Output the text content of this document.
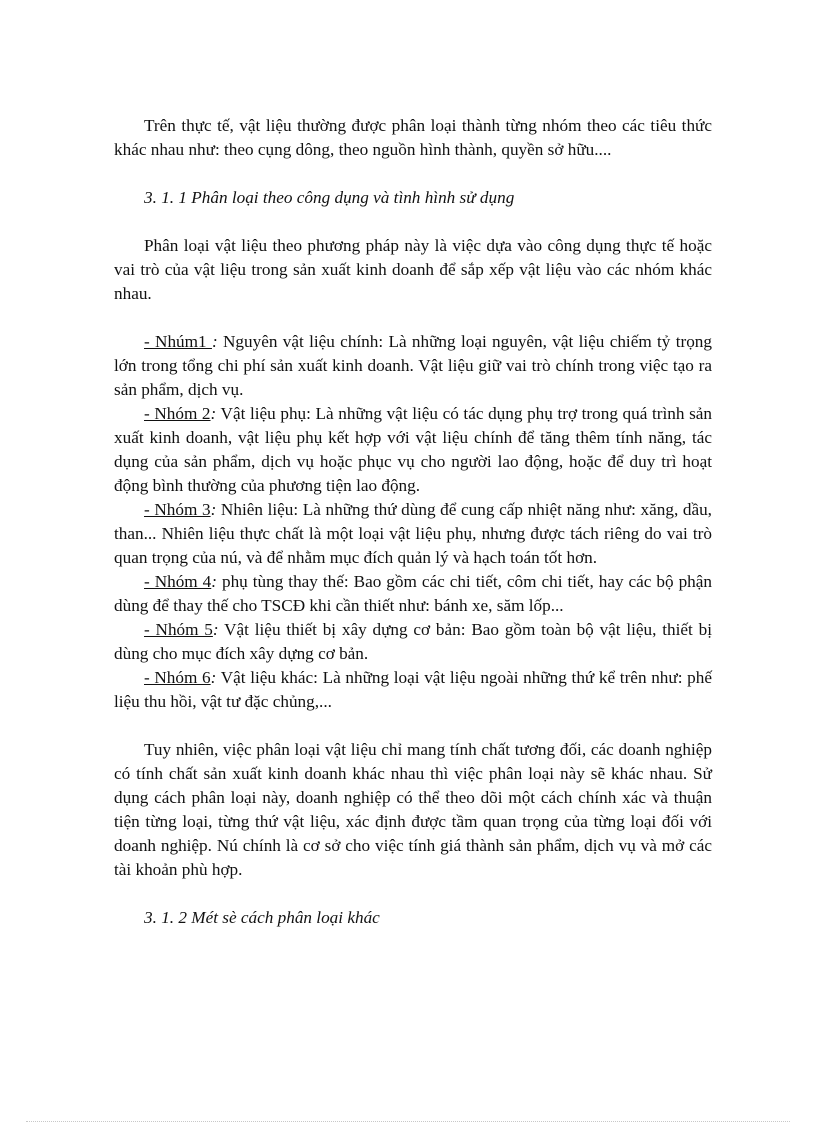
Trên thực tế, vật liệu thường được phân loại thành từng nhóm theo các tiêu thức khác nhau như: theo cụng dông, theo nguồn hình thành, quyền sở hữu....

3. 1. 1 Phân loại theo công dụng và tình hình sử dụng

Phân loại vật liệu theo phương pháp này là việc dựa vào công dụng thực tế hoặc vai trò của vật liệu trong sản xuất kinh doanh để sắp xếp vật liệu vào các nhóm khác nhau.

- Nhúm1 : Nguyên vật liệu chính: Là những loại nguyên, vật liệu chiếm tỷ trọng lớn trong tổng chi phí sản xuất kinh doanh. Vật liệu giữ vai trò chính trong việc tạo ra sản phẩm, dịch vụ.

- Nhóm 2: Vật liệu phụ: Là những vật liệu có tác dụng phụ trợ trong quá trình sản xuất kinh doanh, vật liệu phụ kết hợp với vật liệu chính để tăng thêm tính năng, tác dụng của sản phẩm, dịch vụ hoặc phục vụ cho người lao động, hoặc để duy trì hoạt động bình thường của phương tiện lao động.

- Nhóm 3: Nhiên liệu: Là những thứ dùng để cung cấp nhiệt năng như: xăng, dầu, than... Nhiên liệu thực chất là một loại vật liệu phụ, nhưng được tách riêng do vai trò quan trọng của nú, và để nhằm mục đích quản lý và hạch toán tốt hơn.

- Nhóm 4: phụ tùng thay thế: Bao gồm các chi tiết, côm chi tiết, hay các bộ phận dùng để thay thế cho TSCĐ khi cần thiết như: bánh xe, săm lốp...

- Nhóm 5: Vật liệu thiết bị xây dựng cơ bản: Bao gồm toàn bộ vật liệu, thiết bị dùng cho mục đích xây dựng cơ bản.

- Nhóm 6: Vật liệu khác: Là những loại vật liệu ngoài những thứ kể trên như: phế liệu thu hồi, vật tư đặc chủng,...

Tuy nhiên, việc phân loại vật liệu chỉ mang tính chất tương đối, các doanh nghiệp có tính chất sản xuất kinh doanh khác nhau thì việc phân loại này sẽ khác nhau. Sử dụng cách phân loại này, doanh nghiệp có thể theo dõi một cách chính xác và thuận tiện từng loại, từng thứ vật liệu, xác định được tầm quan trọng của từng loại đối với doanh nghiệp. Nú chính là cơ sở cho việc tính giá thành sản phẩm, dịch vụ và mở các tài khoản phù hợp.

3. 1. 2 Mét sè cách phân loại khác
